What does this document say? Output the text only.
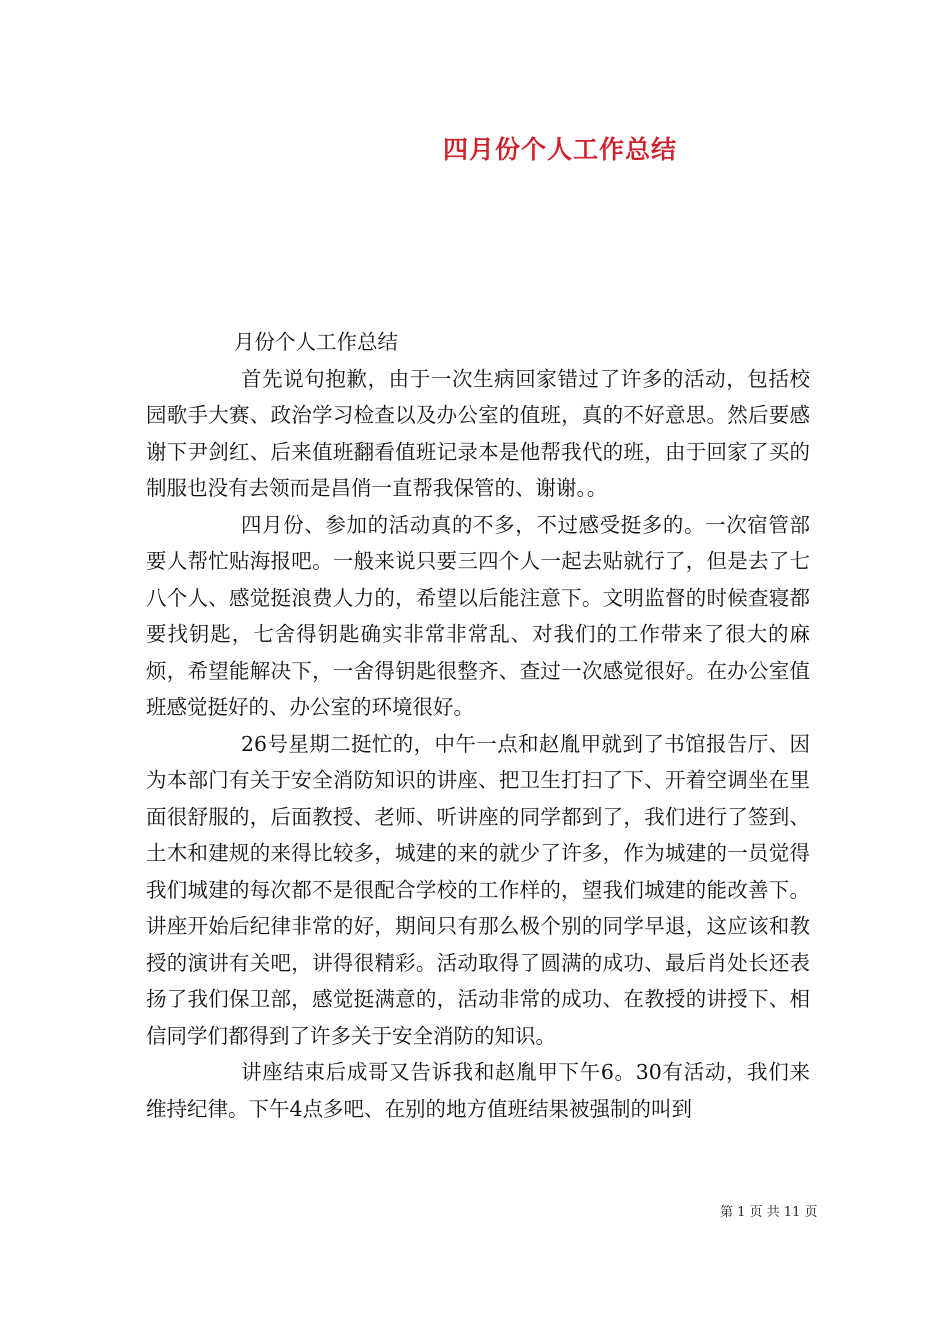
四月份个人工作总结

月份个人工作总结

首先说句抱歉，由于一次生病回家错过了许多的活动，包括校园歌手大赛、政治学习检查以及办公室的值班，真的不好意思。然后要感谢下尹剑红、后来值班翻看值班记录本是他帮我代的班，由于回家了买的制服也没有去领而是昌俏一直帮我保管的、谢谢。。

四月份、参加的活动真的不多，不过感受挺多的。一次宿管部要人帮忙贴海报吧。一般来说只要三四个人一起去贴就行了，但是去了七八个人、感觉挺浪费人力的，希望以后能注意下。文明监督的时候查寝都要找钥匙，七舍得钥匙确实非常非常乱、对我们的工作带来了很大的麻烦，希望能解决下，一舍得钥匙很整齐、查过一次感觉很好。在办公室值班感觉挺好的、办公室的环境很好。

26号星期二挺忙的，中午一点和赵胤甲就到了书馆报告厅、因为本部门有关于安全消防知识的讲座、把卫生打扫了下、开着空调坐在里面很舒服的，后面教授、老师、听讲座的同学都到了，我们进行了签到、土木和建规的来得比较多，城建的来的就少了许多，作为城建的一员觉得我们城建的每次都不是很配合学校的工作样的，望我们城建的能改善下。讲座开始后纪律非常的好，期间只有那么极个别的同学早退，这应该和教授的演讲有关吧，讲得很精彩。活动取得了圆满的成功、最后肖处长还表扬了我们保卫部，感觉挺满意的，活动非常的成功、在教授的讲授下、相信同学们都得到了许多关于安全消防的知识。

讲座结束后成哥又告诉我和赵胤甲下午6。30有活动，我们来维持纪律。下午4点多吧、在别的地方值班结果被强制的叫到

第 1 页 共 11 页
